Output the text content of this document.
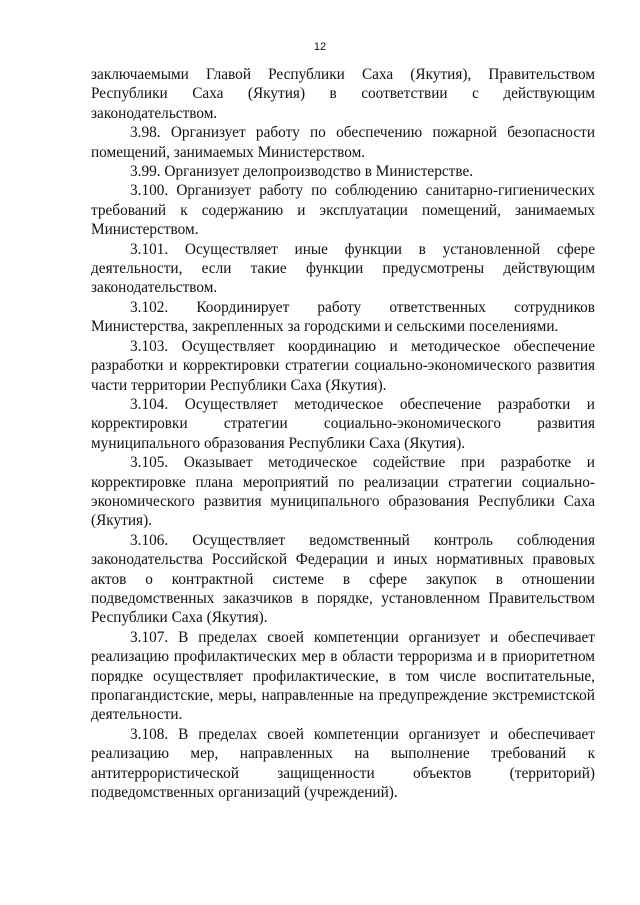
12

заключаемыми Главой Республики Саха (Якутия), Правительством Республики Саха (Якутия) в соответствии с действующим законодательством.

3.98. Организует работу по обеспечению пожарной безопасности помещений, занимаемых Министерством.

3.99. Организует делопроизводство в Министерстве.

3.100. Организует работу по соблюдению санитарно-гигиенических требований к содержанию и эксплуатации помещений, занимаемых Министерством.

3.101. Осуществляет иные функции в установленной сфере деятельности, если такие функции предусмотрены действующим законодательством.

3.102. Координирует работу ответственных сотрудников Министерства, закрепленных за городскими и сельскими поселениями.

3.103. Осуществляет координацию и методическое обеспечение разработки и корректировки стратегии социально-экономического развития части территории Республики Саха (Якутия).

3.104. Осуществляет методическое обеспечение разработки и корректировки стратегии социально-экономического развития муниципального образования Республики Саха (Якутия).

3.105. Оказывает методическое содействие при разработке и корректировке плана мероприятий по реализации стратегии социально-экономического развития муниципального образования Республики Саха (Якутия).

3.106. Осуществляет ведомственный контроль соблюдения законодательства Российской Федерации и иных нормативных правовых актов о контрактной системе в сфере закупок в отношении подведомственных заказчиков в порядке, установленном Правительством Республики Саха (Якутия).

3.107. В пределах своей компетенции организует и обеспечивает реализацию профилактических мер в области терроризма и в приоритетном порядке осуществляет профилактические, в том числе воспитательные, пропагандистские, меры, направленные на предупреждение экстремистской деятельности.

3.108. В пределах своей компетенции организует и обеспечивает реализацию мер, направленных на выполнение требований к антитеррористической защищенности объектов (территорий) подведомственных организаций (учреждений).
